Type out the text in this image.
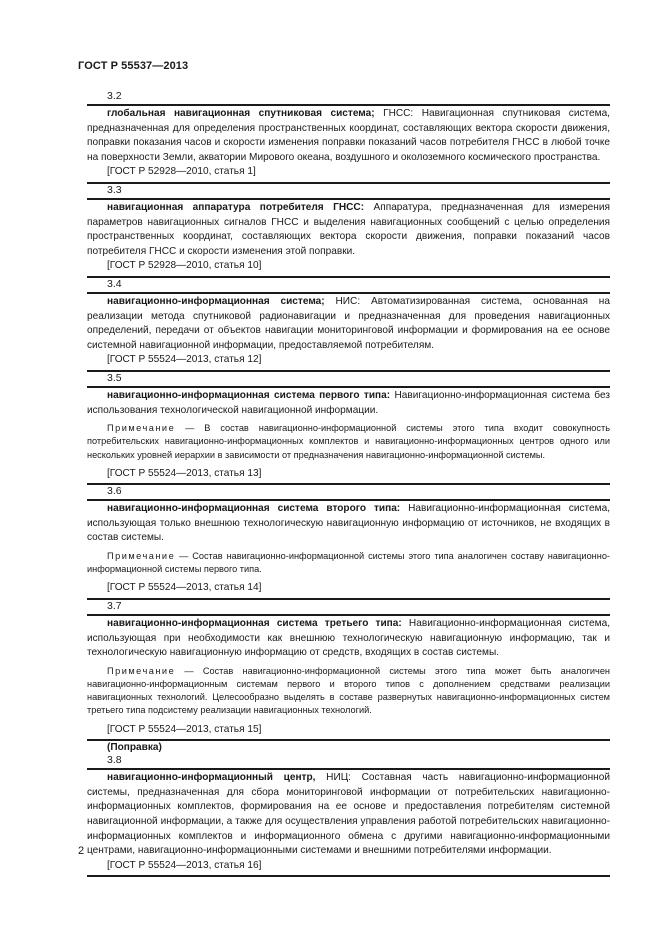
ГОСТ Р 55537—2013
3.2

глобальная навигационная спутниковая система; ГНСС: Навигационная спутниковая система, предназначенная для определения пространственных координат, составляющих вектора скорости движения, поправки показания часов и скорости изменения поправки показаний часов потребителя ГНСС в любой точке на поверхности Земли, акватории Мирового океана, воздушного и околоземного космического пространства.

[ГОСТ Р 52928—2010, статья 1]

3.3

навигационная аппаратура потребителя ГНСС: Аппаратура, предназначенная для измерения параметров навигационных сигналов ГНСС и выделения навигационных сообщений с целью определения пространственных координат, составляющих вектора скорости движения, поправки показаний часов потребителя ГНСС и скорости изменения этой поправки.

[ГОСТ Р 52928—2010, статья 10]

3.4

навигационно-информационная система; НИС: Автоматизированная система, основанная на реализации метода спутниковой радионавигации и предназначенная для проведения навигационных определений, передачи от объектов навигации мониторинговой информации и формирования на ее основе системной навигационной информации, предоставляемой потребителям.

[ГОСТ Р 55524—2013, статья 12]

3.5

навигационно-информационная система первого типа: Навигационно-информационная система без использования технологической навигационной информации.

Примечание — В состав навигационно-информационной системы этого типа входит совокупность потребительских навигационно-информационных комплектов и навигационно-информационных центров одного или нескольких уровней иерархии в зависимости от предназначения навигационно-информационной системы.

[ГОСТ Р 55524—2013, статья 13]

3.6

навигационно-информационная система второго типа: Навигационно-информационная система, использующая только внешнюю технологическую навигационную информацию от источников, не входящих в состав системы.

Примечание — Состав навигационно-информационной системы этого типа аналогичен составу навигационно-информационной системы первого типа.

[ГОСТ Р 55524—2013, статья 14]

3.7

навигационно-информационная система третьего типа: Навигационно-информационная система, использующая при необходимости как внешнюю технологическую навигационную информацию, так и технологическую навигационную информацию от средств, входящих в состав системы.

Примечание — Состав навигационно-информационной системы этого типа может быть аналогичен навигационно-информационным системам первого и второго типов с дополнением средствами реализации навигационных технологий. Целесообразно выделять в составе развернутых навигационно-информационных систем третьего типа подсистему реализации навигационных технологий.

[ГОСТ Р 55524—2013, статья 15]

(Поправка)
3.8

навигационно-информационный центр, НИЦ: Составная часть навигационно-информационной системы, предназначенная для сбора мониторинговой информации от потребительских навигационно-информационных комплектов, формирования на ее основе и предоставления потребителям системной навигационной информации, а также для осуществления управления работой потребительских навигационно-информационных комплектов и информационного обмена с другими навигационно-информационными центрами, навигационно-информационными системами и внешними потребителями информации.

[ГОСТ Р 55524—2013, статья 16]

2
